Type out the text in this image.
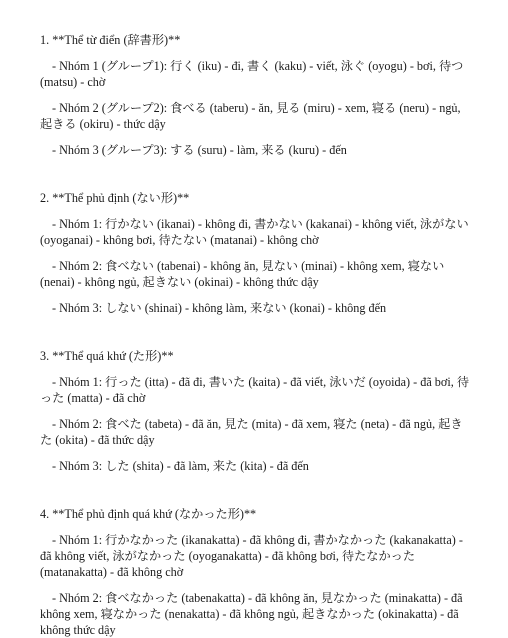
1. **Thể từ điển (辞書形)**

- Nhóm 1 (グループ1): 行く (iku) - đi, 書く (kaku) - viết, 泳ぐ (oyogu) - bơi, 待つ (matsu) - chờ

- Nhóm 2 (グループ2): 食べる (taberu) - ăn, 見る (miru) - xem, 寝る (neru) - ngủ, 起きる (okiru) - thức dậy

- Nhóm 3 (グループ3): する (suru) - làm, 来る (kuru) - đến

2. **Thể phủ định (ない形)**

- Nhóm 1: 行かない (ikanai) - không đi, 書かない (kakanai) - không viết, 泳がない (oyoganai) - không bơi, 待たない (matanai) - không chờ

- Nhóm 2: 食べない (tabenai) - không ăn, 見ない (minai) - không xem, 寝ない (nenai) - không ngủ, 起きない (okinai) - không thức dậy

- Nhóm 3: しない (shinai) - không làm, 来ない (konai) - không đến

3. **Thể quá khứ (た形)**

- Nhóm 1: 行った (itta) - đã đi, 書いた (kaita) - đã viết, 泳いだ (oyoida) - đã bơi, 待った (matta) - đã chờ

- Nhóm 2: 食べた (tabeta) - đã ăn, 見た (mita) - đã xem, 寝た (neta) - đã ngủ, 起きた (okita) - đã thức dậy

- Nhóm 3: した (shita) - đã làm, 来た (kita) - đã đến

4. **Thể phủ định quá khứ (なかった形)**

- Nhóm 1: 行かなかった (ikanakatta) - đã không đi, 書かなかった (kakanakatta) - đã không viết, 泳がなかった (oyoganakatta) - đã không bơi, 待たなかった (matanakatta) - đã không chờ

- Nhóm 2: 食べなかった (tabenakatta) - đã không ăn, 見なかった (minakatta) - đã không xem, 寝なかった (nenakatta) - đã không ngủ, 起きなかった (okinakatta) - đã không thức dậy
